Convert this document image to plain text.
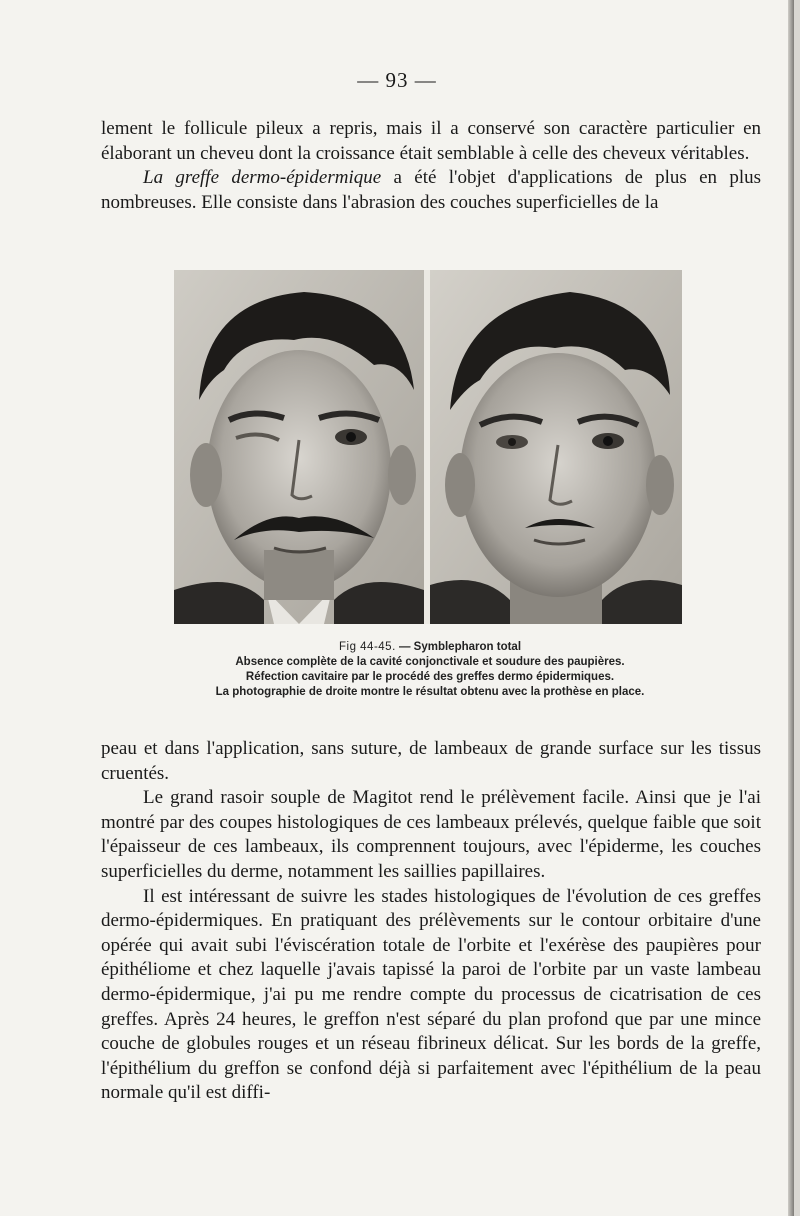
— 93 —

lement le follicule pileux a repris, mais il a conservé son caractère particulier en élaborant un cheveu dont la croissance était semblable à celle des cheveux véritables.

La greffe dermo-épidermique a été l'objet d'applications de plus en plus nombreuses. Elle consiste dans l'abrasion des couches superficielles de la

Fig 44-45. — Symblepharon total
Absence complète de la cavité conjonctivale et soudure des paupières.
Réfection cavitaire par le procédé des greffes dermo épidermiques.
La photographie de droite montre le résultat obtenu avec la prothèse en place.

peau et dans l'application, sans suture, de lambeaux de grande surface sur les tissus cruentés.

Le grand rasoir souple de Magitot rend le prélèvement facile. Ainsi que je l'ai montré par des coupes histologiques de ces lambeaux prélevés, quelque faible que soit l'épaisseur de ces lambeaux, ils comprennent toujours, avec l'épiderme, les couches superficielles du derme, notamment les saillies papillaires.

Il est intéressant de suivre les stades histologiques de l'évolution de ces greffes dermo-épidermiques. En pratiquant des prélèvements sur le contour orbitaire d'une opérée qui avait subi l'éviscération totale de l'orbite et l'exérèse des paupières pour épithéliome et chez laquelle j'avais tapissé la paroi de l'orbite par un vaste lambeau dermo-épidermique, j'ai pu me rendre compte du processus de cicatrisation de ces greffes. Après 24 heures, le greffon n'est séparé du plan profond que par une mince couche de globules rouges et un réseau fibrineux délicat. Sur les bords de la greffe, l'épithélium du greffon se confond déjà si parfaitement avec l'épithélium de la peau normale qu'il est diffi-
